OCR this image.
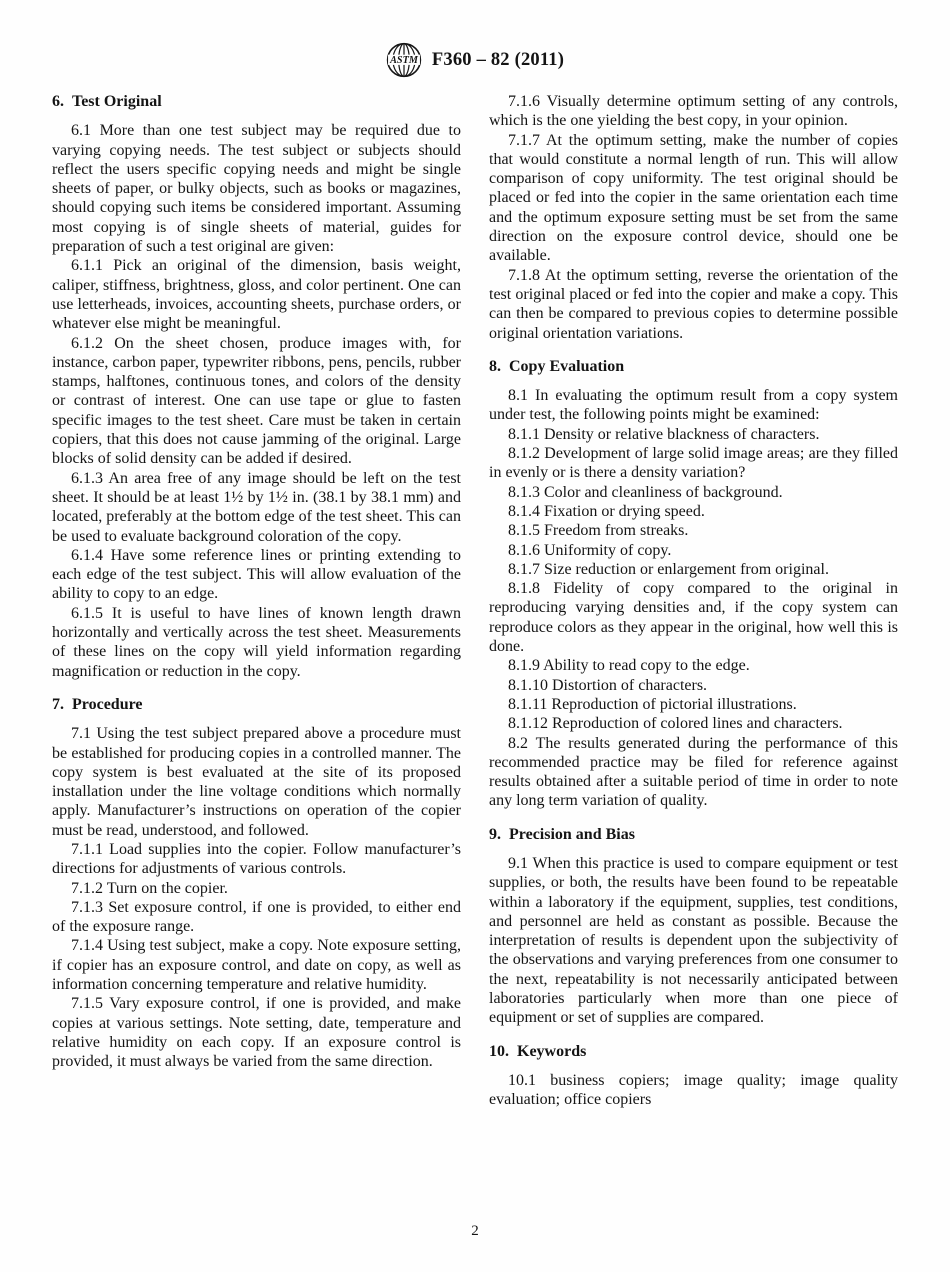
ASTM F360 – 82 (2011)
6. Test Original

6.1 More than one test subject may be required due to varying copying needs. The test subject or subjects should reflect the users specific copying needs and might be single sheets of paper, or bulky objects, such as books or magazines, should copying such items be considered important. Assuming most copying is of single sheets of material, guides for preparation of such a test original are given:

6.1.1 Pick an original of the dimension, basis weight, caliper, stiffness, brightness, gloss, and color pertinent. One can use letterheads, invoices, accounting sheets, purchase orders, or whatever else might be meaningful.

6.1.2 On the sheet chosen, produce images with, for instance, carbon paper, typewriter ribbons, pens, pencils, rubber stamps, halftones, continuous tones, and colors of the density or contrast of interest. One can use tape or glue to fasten specific images to the test sheet. Care must be taken in certain copiers, that this does not cause jamming of the original. Large blocks of solid density can be added if desired.

6.1.3 An area free of any image should be left on the test sheet. It should be at least 1½ by 1½ in. (38.1 by 38.1 mm) and located, preferably at the bottom edge of the test sheet. This can be used to evaluate background coloration of the copy.

6.1.4 Have some reference lines or printing extending to each edge of the test subject. This will allow evaluation of the ability to copy to an edge.

6.1.5 It is useful to have lines of known length drawn horizontally and vertically across the test sheet. Measurements of these lines on the copy will yield information regarding magnification or reduction in the copy.

7. Procedure

7.1 Using the test subject prepared above a procedure must be established for producing copies in a controlled manner. The copy system is best evaluated at the site of its proposed installation under the line voltage conditions which normally apply. Manufacturer’s instructions on operation of the copier must be read, understood, and followed.

7.1.1 Load supplies into the copier. Follow manufacturer’s directions for adjustments of various controls.

7.1.2 Turn on the copier.

7.1.3 Set exposure control, if one is provided, to either end of the exposure range.

7.1.4 Using test subject, make a copy. Note exposure setting, if copier has an exposure control, and date on copy, as well as information concerning temperature and relative humidity.

7.1.5 Vary exposure control, if one is provided, and make copies at various settings. Note setting, date, temperature and relative humidity on each copy. If an exposure control is provided, it must always be varied from the same direction.

7.1.6 Visually determine optimum setting of any controls, which is the one yielding the best copy, in your opinion.

7.1.7 At the optimum setting, make the number of copies that would constitute a normal length of run. This will allow comparison of copy uniformity. The test original should be placed or fed into the copier in the same orientation each time and the optimum exposure setting must be set from the same direction on the exposure control device, should one be available.

7.1.8 At the optimum setting, reverse the orientation of the test original placed or fed into the copier and make a copy. This can then be compared to previous copies to determine possible original orientation variations.

8. Copy Evaluation

8.1 In evaluating the optimum result from a copy system under test, the following points might be examined:

8.1.1 Density or relative blackness of characters.

8.1.2 Development of large solid image areas; are they filled in evenly or is there a density variation?

8.1.3 Color and cleanliness of background.

8.1.4 Fixation or drying speed.

8.1.5 Freedom from streaks.

8.1.6 Uniformity of copy.

8.1.7 Size reduction or enlargement from original.

8.1.8 Fidelity of copy compared to the original in reproducing varying densities and, if the copy system can reproduce colors as they appear in the original, how well this is done.

8.1.9 Ability to read copy to the edge.

8.1.10 Distortion of characters.

8.1.11 Reproduction of pictorial illustrations.

8.1.12 Reproduction of colored lines and characters.

8.2 The results generated during the performance of this recommended practice may be filed for reference against results obtained after a suitable period of time in order to note any long term variation of quality.

9. Precision and Bias

9.1 When this practice is used to compare equipment or test supplies, or both, the results have been found to be repeatable within a laboratory if the equipment, supplies, test conditions, and personnel are held as constant as possible. Because the interpretation of results is dependent upon the subjectivity of the observations and varying preferences from one consumer to the next, repeatability is not necessarily anticipated between laboratories particularly when more than one piece of equipment or set of supplies are compared.

10. Keywords

10.1 business copiers; image quality; image quality evaluation; office copiers

2
